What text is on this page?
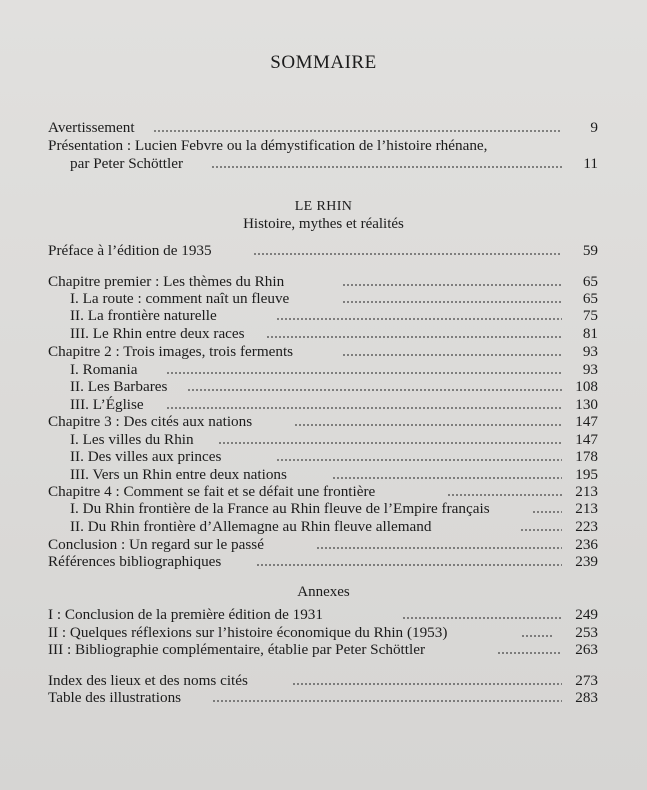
SOMMAIRE
LE RHIN
Histoire, mythes et réalités
Annexes
Avertissement	9
Présentation : Lucien Febvre ou la démystification de l’histoire rhénane,
par Peter Schöttler	11
Préface à l’édition de 1935	59
Chapitre premier : Les thèmes du Rhin	65
I. La route : comment naît un fleuve	65
II. La frontière naturelle	75
III. Le Rhin entre deux races	81
Chapitre 2 : Trois images, trois ferments	93
I. Romania	93
II. Les Barbares	108
III. L’Église	130
Chapitre 3 : Des cités aux nations	147
I. Les villes du Rhin	147
II. Des villes aux princes	178
III. Vers un Rhin entre deux nations	195
Chapitre 4 : Comment se fait et se défait une frontière	213
I. Du Rhin frontière de la France au Rhin fleuve de l’Empire français	213
II. Du Rhin frontière d’Allemagne au Rhin fleuve allemand	223
Conclusion : Un regard sur le passé	236
Références bibliographiques	239
I : Conclusion de la première édition de 1931	249
II : Quelques réflexions sur l’histoire économique du Rhin (1953)	253
III : Bibliographie complémentaire, établie par Peter Schöttler	263
Index des lieux et des noms cités	273
Table des illustrations	283
